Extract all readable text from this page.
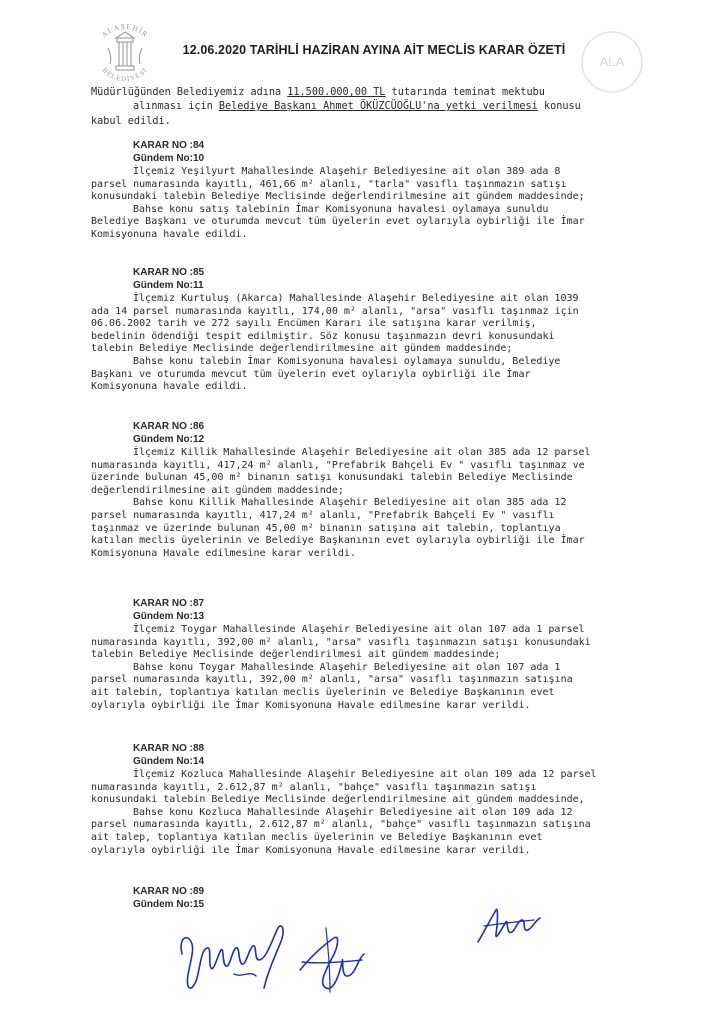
ALAŞEHİR
BELEDİYESİ
ALA
12.06.2020 TARİHLİ HAZİRAN AYINA AİT MECLİS KARAR ÖZETİ
Müdürlüğünden Belediyemiz adına 11.500.000,00 TL tutarında teminat mektubu
alınması için Belediye Başkanı Ahmet ÖKÜZCÜOĞLU'na yetki verilmesi konusu
kabul edildi.
KARAR NO :84
Gündem No:10
İlçemiz Yeşilyurt Mahallesinde Alaşehir Belediyesine ait olan 389 ada 8
parsel numarasında kayıtlı, 461,66 m² alanlı, "tarla" vasıflı taşınmazın satışı
konusundaki talebin Belediye Meclisinde değerlendirilmesine ait gündem maddesinde;
Bahse konu satış talebinin İmar Komisyonuna havalesi oylamaya sunuldu
Belediye Başkanı ve oturumda mevcut tüm üyelerin evet oylarıyla oybirliği ile İmar
Komisyonuna havale edildi.
KARAR NO :85
Gündem No:11
İlçemiz Kurtuluş (Akarca) Mahallesinde Alaşehir Belediyesine ait olan 1039
ada 14 parsel numarasında kayıtlı, 174,00 m² alanlı, "arsa" vasıflı taşınmaz için
06.06.2002 tarih ve 272 sayılı Encümen Kararı ile satışına karar verilmiş,
bedelinin ödendiği tespit edilmiştir. Söz konusu taşınmazın devri konusundaki
talebin Belediye Meclisinde değerlendirilmesine ait gündem maddesinde;
Bahse konu talebin İmar Komisyonuna havalesi oylamaya sunuldu, Belediye
Başkanı ve oturumda mevcut tüm üyelerin evet oylarıyla oybirliği ile İmar
Komisyonuna havale edildi.
KARAR NO :86
Gündem No:12
İlçemiz Killik Mahallesinde Alaşehir Belediyesine ait olan 385 ada 12 parsel
numarasında kayıtlı, 417,24 m² alanlı, "Prefabrik Bahçeli Ev " vasıflı taşınmaz ve
üzerinde bulunan 45,00 m² binanın satışı konusundaki talebin Belediye Meclisinde
değerlendirilmesine ait gündem maddesinde;
Bahse konu Killik Mahallesinde Alaşehir Belediyesine ait olan 385 ada 12
parsel numarasında kayıtlı, 417,24 m² alanlı, "Prefabrik Bahçeli Ev " vasıflı
taşınmaz ve üzerinde bulunan 45,00 m² binanın satışına ait talebin, toplantıya
katılan meclis üyelerinin ve Belediye Başkanının evet oylarıyla oybirliği ile İmar
Komisyonuna Havale edilmesine karar verildi.
KARAR NO :87
Gündem No:13
İlçemiz Toygar Mahallesinde Alaşehir Belediyesine ait olan 107 ada 1 parsel
numarasında kayıtlı, 392,00 m² alanlı, "arsa" vasıflı taşınmazın satışı konusundaki
talebin Belediye Meclisinde değerlendirilmesi ait gündem maddesinde;
Bahse konu Toygar Mahallesinde Alaşehir Belediyesine ait olan 107 ada 1
parsel numarasında kayıtlı, 392,00 m² alanlı, "arsa" vasıflı taşınmazın satışına
ait talebin, toplantıya katılan meclis üyelerinin ve Belediye Başkanının evet
oylarıyla oybirliği ile İmar Komisyonuna Havale edilmesine karar verildi.
KARAR NO :88
Gündem No:14
İlçemiz Kozluca Mahallesinde Alaşehir Belediyesine ait olan 109 ada 12 parsel
numarasında kayıtlı, 2.612,87 m² alanlı, "bahçe" vasıflı taşınmazın satışı
konusundaki talebin Belediye Meclisinde değerlendirilmesine ait gündem maddesinde,
Bahse konu Kozluca Mahallesinde Alaşehir Belediyesine ait olan 109 ada 12
parsel numarasında kayıtlı, 2.612,87 m² alanlı, "bahçe" vasıflı taşınmazın satışına
ait talep, toplantıya katılan meclis üyelerinin ve Belediye Başkanının evet
oylarıyla oybirliği ile İmar Komisyonuna Havale edilmesine karar verildi.
KARAR NO :89
Gündem No:15
